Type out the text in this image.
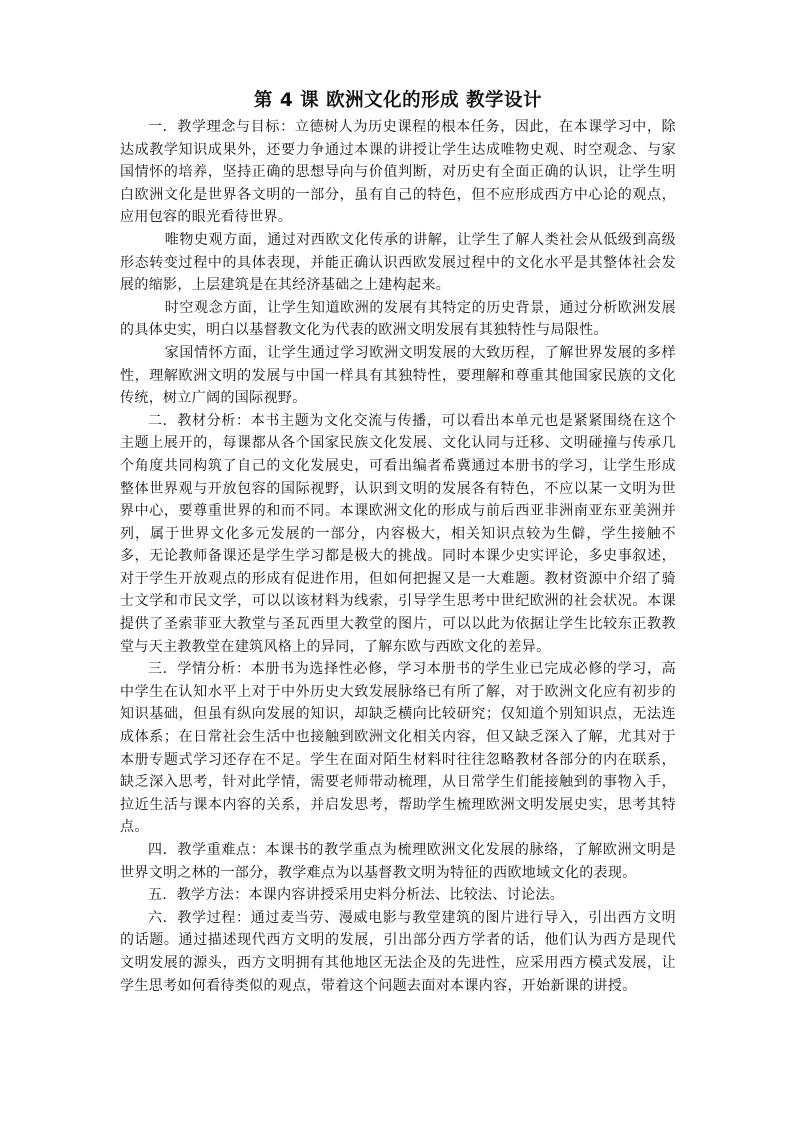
第 4 课 欧洲文化的形成 教学设计

一．教学理念与目标：立德树人为历史课程的根本任务，因此，在本课学习中，除达成教学知识成果外，还要力争通过本课的讲授让学生达成唯物史观、时空观念、与家国情怀的培养，坚持正确的思想导向与价值判断，对历史有全面正确的认识，让学生明白欧洲文化是世界各文明的一部分，虽有自己的特色，但不应形成西方中心论的观点，应用包容的眼光看待世界。

唯物史观方面，通过对西欧文化传承的讲解，让学生了解人类社会从低级到高级形态转变过程中的具体表现，并能正确认识西欧发展过程中的文化水平是其整体社会发展的缩影，上层建筑是在其经济基础之上建构起来。

时空观念方面，让学生知道欧洲的发展有其特定的历史背景，通过分析欧洲发展的具体史实，明白以基督教文化为代表的欧洲文明发展有其独特性与局限性。

家国情怀方面，让学生通过学习欧洲文明发展的大致历程，了解世界发展的多样性，理解欧洲文明的发展与中国一样具有其独特性，要理解和尊重其他国家民族的文化传统，树立广阔的国际视野。

二．教材分析：本书主题为文化交流与传播，可以看出本单元也是紧紧围绕在这个主题上展开的，每课都从各个国家民族文化发展、文化认同与迁移、文明碰撞与传承几个角度共同构筑了自己的文化发展史，可看出编者希冀通过本册书的学习，让学生形成整体世界观与开放包容的国际视野，认识到文明的发展各有特色，不应以某一文明为世界中心，要尊重世界的和而不同。本课欧洲文化的形成与前后西亚非洲南亚东亚美洲并列，属于世界文化多元发展的一部分，内容极大，相关知识点较为生僻，学生接触不多，无论教师备课还是学生学习都是极大的挑战。同时本课少史实评论，多史事叙述，对于学生开放观点的形成有促进作用，但如何把握又是一大难题。教材资源中介绍了骑士文学和市民文学，可以以该材料为线索，引导学生思考中世纪欧洲的社会状况。本课提供了圣索菲亚大教堂与圣瓦西里大教堂的图片，可以以此为依据让学生比较东正教教堂与天主教教堂在建筑风格上的异同，了解东欧与西欧文化的差异。

三．学情分析：本册书为选择性必修，学习本册书的学生业已完成必修的学习，高中学生在认知水平上对于中外历史大致发展脉络已有所了解，对于欧洲文化应有初步的知识基础，但虽有纵向发展的知识，却缺乏横向比较研究；仅知道个别知识点，无法连成体系；在日常社会生活中也接触到欧洲文化相关内容，但又缺乏深入了解，尤其对于本册专题式学习还存在不足。学生在面对陌生材料时往往忽略教材各部分的内在联系，缺乏深入思考，针对此学情，需要老师带动梳理，从日常学生们能接触到的事物入手，拉近生活与课本内容的关系，并启发思考，帮助学生梳理欧洲文明发展史实，思考其特点。

四．教学重难点：本课书的教学重点为梳理欧洲文化发展的脉络，了解欧洲文明是世界文明之林的一部分，教学难点为以基督教文明为特征的西欧地域文化的表现。

五．教学方法：本课内容讲授采用史料分析法、比较法、讨论法。

六．教学过程：通过麦当劳、漫威电影与教堂建筑的图片进行导入，引出西方文明的话题。通过描述现代西方文明的发展，引出部分西方学者的话，他们认为西方是现代文明发展的源头，西方文明拥有其他地区无法企及的先进性，应采用西方模式发展，让学生思考如何看待类似的观点，带着这个问题去面对本课内容，开始新课的讲授。
